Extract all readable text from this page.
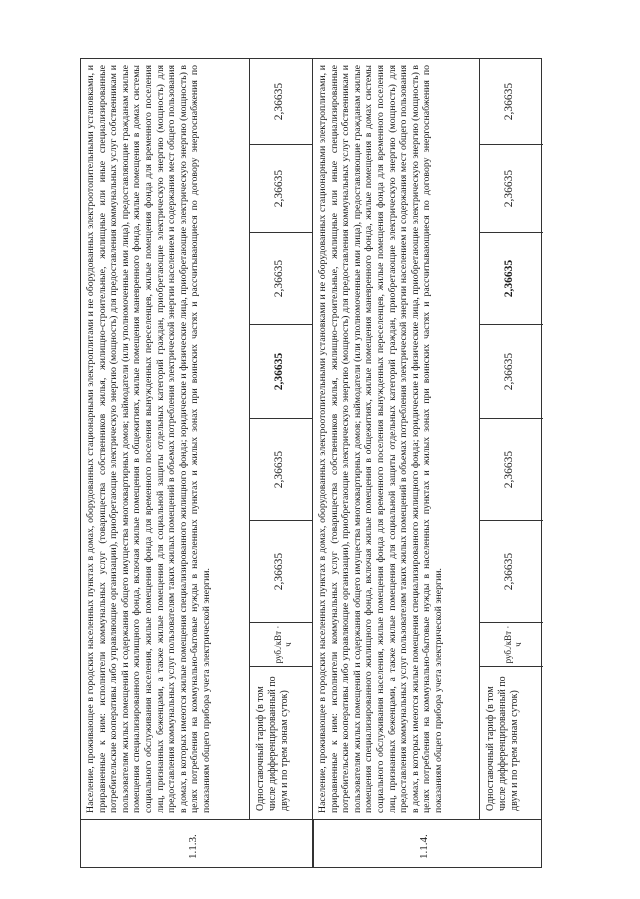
1.1.3.
Население, проживающее в городских населенных пунктах в домах, оборудованных стационарными электроплитами и не оборудованных электроотопительными установками, и приравненные к ним: исполнители коммунальных услуг (товарищества собственников жилья, жилищно-строительные, жилищные или иные специализированные потребительские кооперативы либо управляющие организации), приобретающие электрическую энергию (мощность) для предоставления коммунальных услуг собственникам и пользователям жилых помещений и содержания общего имущества многоквартирных домов; наймодатели (или уполномоченные ими лица), предоставляющие гражданам жилые помещения специализированного жилищного фонда, включая жилые помещения в общежитиях, жилые помещения маневренного фонда, жилые помещения в домах системы социального обслуживания населения, жилые помещения фонда для временного поселения вынужденных переселенцев, жилые помещения фонда для временного поселения лиц, признанных беженцами, а также жилые помещения для социальной защиты отдельных категорий граждан, приобретающие электрическую энергию (мощность) для предоставления коммунальных услуг пользователям таких жилых помещений в объемах потребления электрической энергии населением и содержания мест общего пользования в домах, в которых имеются жилые помещения специализированного жилищного фонда; юридические и физические лица, приобретающие электрическую энергию (мощность) в целях потребления на коммунально-бытовые нужды в населенных пунктах и жилых зонах при воинских частях и рассчитывающиеся по договору энергоснабжения по показаниям общего прибора учета электрической энергии.	Одноставочный тариф (в том числе дифференцированный по двум и по трем зонам суток)
руб./кВт · ч
2,36635
2,36635
2,36635
2,36635
2,36635
2,36635
1.1.4.
Население, проживающее в городских населенных пунктах в домах, оборудованных электроотопительными установками и не оборудованных стационарными электроплитами, и приравненные к ним: исполнители коммунальных услуг (товарищества собственников жилья, жилищно-строительные, жилищные или иные специализированные потребительские кооперативы либо управляющие организации), приобретающие электрическую энергию (мощность) для предоставления коммунальных услуг собственникам и пользователям жилых помещений и содержания общего имущества многоквартирных домов; наймодатели (или уполномоченные ими лица), предоставляющие гражданам жилые помещения специализированного жилищного фонда, включая жилые помещения в общежитиях, жилые помещения маневренного фонда, жилые помещения в домах системы социального обслуживания населения, жилые помещения фонда для временного поселения вынужденных переселенцев, жилые помещения фонда для временного поселения лиц, признанных беженцами, а также жилые помещения для социальной защиты отдельных категорий граждан, приобретающие электрическую энергию (мощность) для предоставления коммунальных услуг пользователям таких жилых помещений в объемах потребления электрической энергии населением и содержания мест общего пользования в домах, в которых имеются жилые помещения специализированного жилищного фонда; юридические и физические лица, приобретающие электрическую энергию (мощность) в целях потребления на коммунально-бытовые нужды в населенных пунктах и жилых зонах при воинских частях и рассчитывающиеся по договору энергоснабжения по показаниям общего прибора учета электрической энергии.	Одноставочный тариф (в том числе дифференцированный по двум и по трем зонам суток)
руб./кВт · ч
2,36635
2,36635
2,36635
2,36635
2,36635
2,36635
